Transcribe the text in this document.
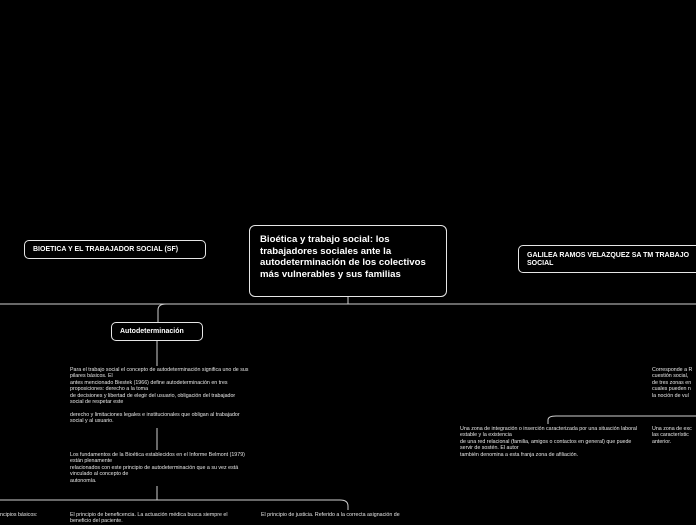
Bioética y trabajo social: los trabajadores sociales ante la autodeterminación de los colectivos más vulnerables y sus familias
BIOETICA Y EL TRABAJADOR SOCIAL (SF)
GALILEA RAMOS VELAZQUEZ SA TM TRABAJO SOCIAL
Autodeterminación
Para el trabajo social el concepto de autodeterminación significa uno de sus pilares básicos. El
antes mencionado Biestek (1966) define autodeterminación en tres proposiciones: derecho a la toma
de decisiones y libertad de elegir del usuario, obligación del trabajador social de respetar este

derecho y limitaciones legales e institucionales que obligan al trabajador social y al usuario.
Los fundamentos de la Bioética establecidos en el Informe Belmont (1979) están plenamente
relacionados con este principio de autodeterminación que a su vez está vinculado al concepto de
autonomía.
ncipios básicos:	El principio de beneficencia. La actuación médica busca siempre el beneficio del paciente.
El principio de justicia. Referido a la correcta asignación de
Una zona de integración o inserción caracterizada por una situación laboral estable y la existencia
de una red relacional (familia, amigos o contactos en general) que puede servir de sostén. El autor
también denomina a esta franja zona de afiliación.
Corresponde a R
cuestión social,
de tres zonas en
cuales pueden n
la noción de vul
Una zona de exc
las característic
anterior.
